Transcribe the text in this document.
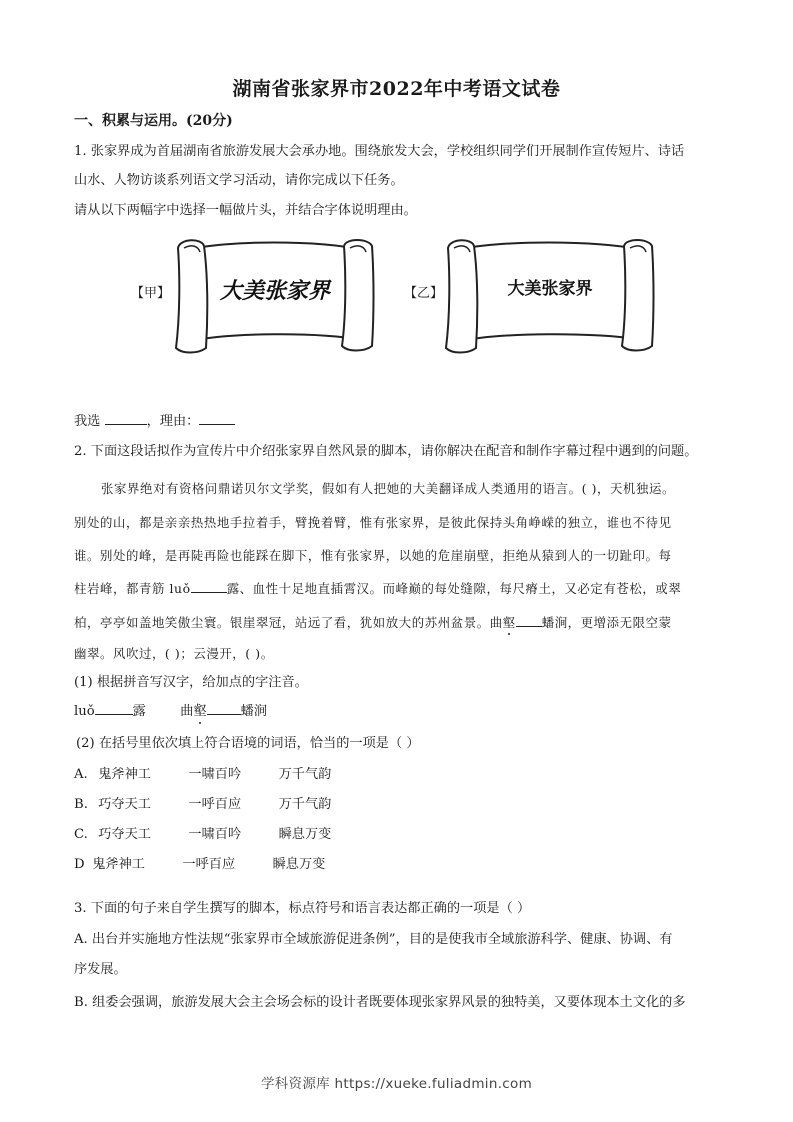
湖南省张家界市2022年中考语文试卷
一、积累与运用。(20分)
1. 张家界成为首届湖南省旅游发展大会承办地。围绕旅发大会，学校组织同学们开展制作宣传短片、诗话
山水、人物访谈系列语文学习活动，请你完成以下任务。
请从以下两幅字中选择一幅做片头，并结合字体说明理由。
【甲】 大美张家界	【乙】	大美张家界
我选	，理由：
2. 下面这段话拟作为宣传片中介绍张家界自然风景的脚本，请你解决在配音和制作字幕过程中遇到的问题。
张家界绝对有资格问鼎诺贝尔文学奖，假如有人把她的大美翻译成人类通用的语言。( )，天机独运。
别处的山，都是亲亲热热地手拉着手，臂挽着臂，惟有张家界，是彼此保持头角峥嵘的独立，谁也不待见
谁。别处的峰，是再陡再险也能踩在脚下，惟有张家界，以她的危崖崩壁，拒绝从猿到人的一切趾印。每
柱岩峰，都青筋 luǒ	露、血性十足地直插霄汉。而峰巅的每处缝隙，每尺瘠土，又必定有苍松，或翠
柏，亭亭如盖地笑傲尘寰。银崖翠冠，站远了看，犹如放大的苏州盆景。曲壑 蟠涧，更增添无限空蒙
幽翠。风吹过，( )；云漫开，( )。
(1) 根据拼音写汉字，给加点的字注音。
luǒ	露	曲壑	蟠涧
(2) 在括号里依次填上符合语境的词语，恰当的一项是（ ）
A. 鬼斧神工	一啸百吟	万千气韵
B. 巧夺天工	一呼百应	万千气韵
C. 巧夺天工	一啸百吟	瞬息万变
D 鬼斧神工	一呼百应	瞬息万变
3. 下面的句子来自学生撰写的脚本，标点符号和语言表达都正确的一项是（ ）
A. 出台并实施地方性法规“张家界市全域旅游促进条例”，目的是使我市全域旅游科学、健康、协调、有
序发展。
B. 组委会强调，旅游发展大会主会场会标的设计者既要体现张家界风景的独特美，又要体现本土文化的多
学科资源库 https://xueke.fuliadmin.com
